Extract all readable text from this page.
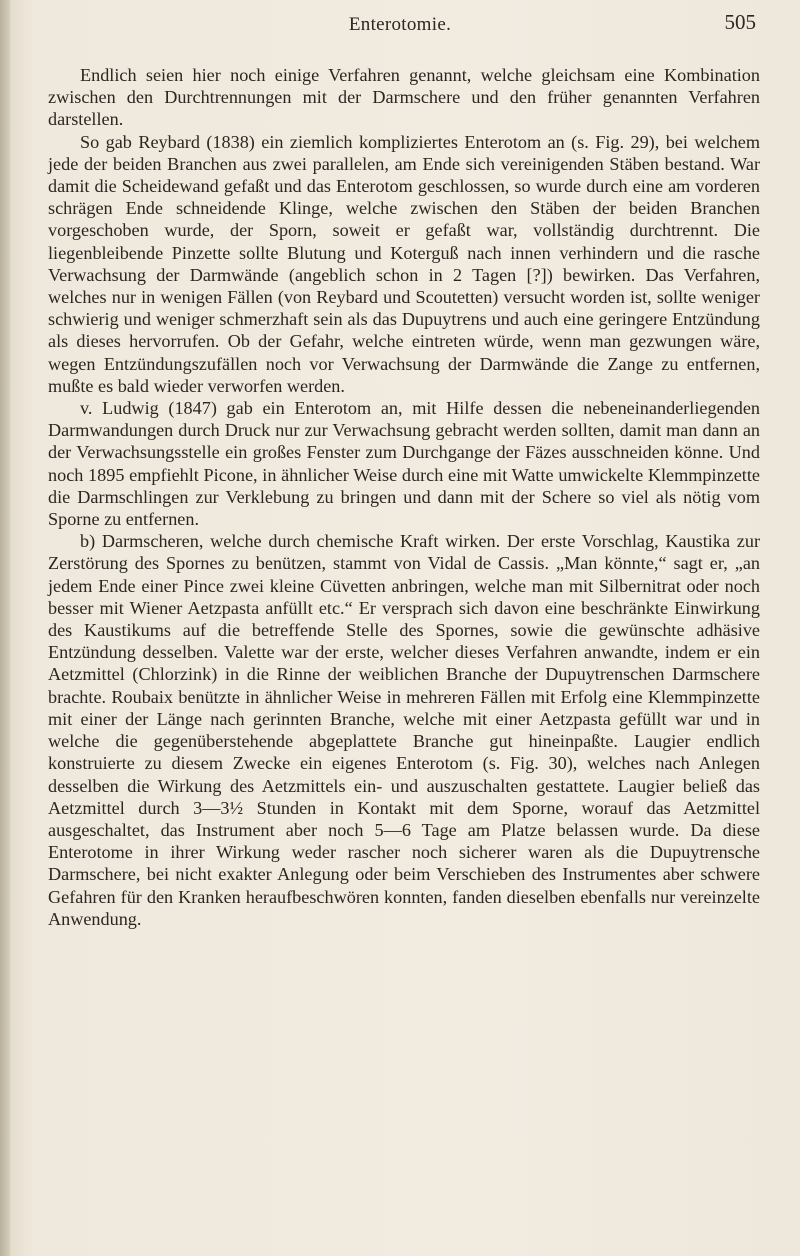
Enterotomie.	505

Endlich seien hier noch einige Verfahren genannt, welche gleichsam eine Kombination zwischen den Durchtrennungen mit der Darmschere und den früher genannten Verfahren darstellen.

So gab Reybard (1838) ein ziemlich kompliziertes Enterotom an (s. Fig. 29), bei welchem jede der beiden Branchen aus zwei parallelen, am Ende sich vereinigenden Stäben bestand. War damit die Scheidewand gefaßt und das Enterotom geschlossen, so wurde durch eine am vorderen schrägen Ende schneidende Klinge, welche zwischen den Stäben der beiden Branchen vorgeschoben wurde, der Sporn, soweit er gefaßt war, vollständig durchtrennt. Die liegenbleibende Pinzette sollte Blutung und Koterguß nach innen verhindern und die rasche Verwachsung der Darmwände (angeblich schon in 2 Tagen [?]) bewirken. Das Verfahren, welches nur in wenigen Fällen (von Reybard und Scoutetten) versucht worden ist, sollte weniger schwierig und weniger schmerzhaft sein als das Dupuytrens und auch eine geringere Entzündung als dieses hervorrufen. Ob der Gefahr, welche eintreten würde, wenn man gezwungen wäre, wegen Entzündungszufällen noch vor Verwachsung der Darmwände die Zange zu entfernen, mußte es bald wieder verworfen werden.

v. Ludwig (1847) gab ein Enterotom an, mit Hilfe dessen die nebeneinanderliegenden Darmwandungen durch Druck nur zur Verwachsung gebracht werden sollten, damit man dann an der Verwachsungsstelle ein großes Fenster zum Durchgange der Fäzes ausschneiden könne. Und noch 1895 empfiehlt Picone, in ähnlicher Weise durch eine mit Watte umwickelte Klemmpinzette die Darmschlingen zur Verklebung zu bringen und dann mit der Schere so viel als nötig vom Sporne zu entfernen.

b) Darmscheren, welche durch chemische Kraft wirken. Der erste Vorschlag, Kaustika zur Zerstörung des Spornes zu benützen, stammt von Vidal de Cassis. „Man könnte,“ sagt er, „an jedem Ende einer Pince zwei kleine Cüvetten anbringen, welche man mit Silbernitrat oder noch besser mit Wiener Aetzpasta anfüllt etc.“ Er versprach sich davon eine beschränkte Einwirkung des Kaustikums auf die betreffende Stelle des Spornes, sowie die gewünschte adhäsive Entzündung desselben. Valette war der erste, welcher dieses Verfahren anwandte, indem er ein Aetzmittel (Chlorzink) in die Rinne der weiblichen Branche der Dupuytrenschen Darmschere brachte. Roubaix benützte in ähnlicher Weise in mehreren Fällen mit Erfolg eine Klemmpinzette mit einer der Länge nach gerinnten Branche, welche mit einer Aetzpasta gefüllt war und in welche die gegenüberstehende abgeplattete Branche gut hineinpaßte. Laugier endlich konstruierte zu diesem Zwecke ein eigenes Enterotom (s. Fig. 30), welches nach Anlegen desselben die Wirkung des Aetzmittels ein- und auszuschalten gestattete. Laugier beließ das Aetzmittel durch 3—3½ Stunden in Kontakt mit dem Sporne, worauf das Aetzmittel ausgeschaltet, das Instrument aber noch 5—6 Tage am Platze belassen wurde. Da diese Enterotome in ihrer Wirkung weder rascher noch sicherer waren als die Dupuytrensche Darmschere, bei nicht exakter Anlegung oder beim Verschieben des Instrumentes aber schwere Gefahren für den Kranken heraufbeschwören konnten, fanden dieselben ebenfalls nur vereinzelte Anwendung.
